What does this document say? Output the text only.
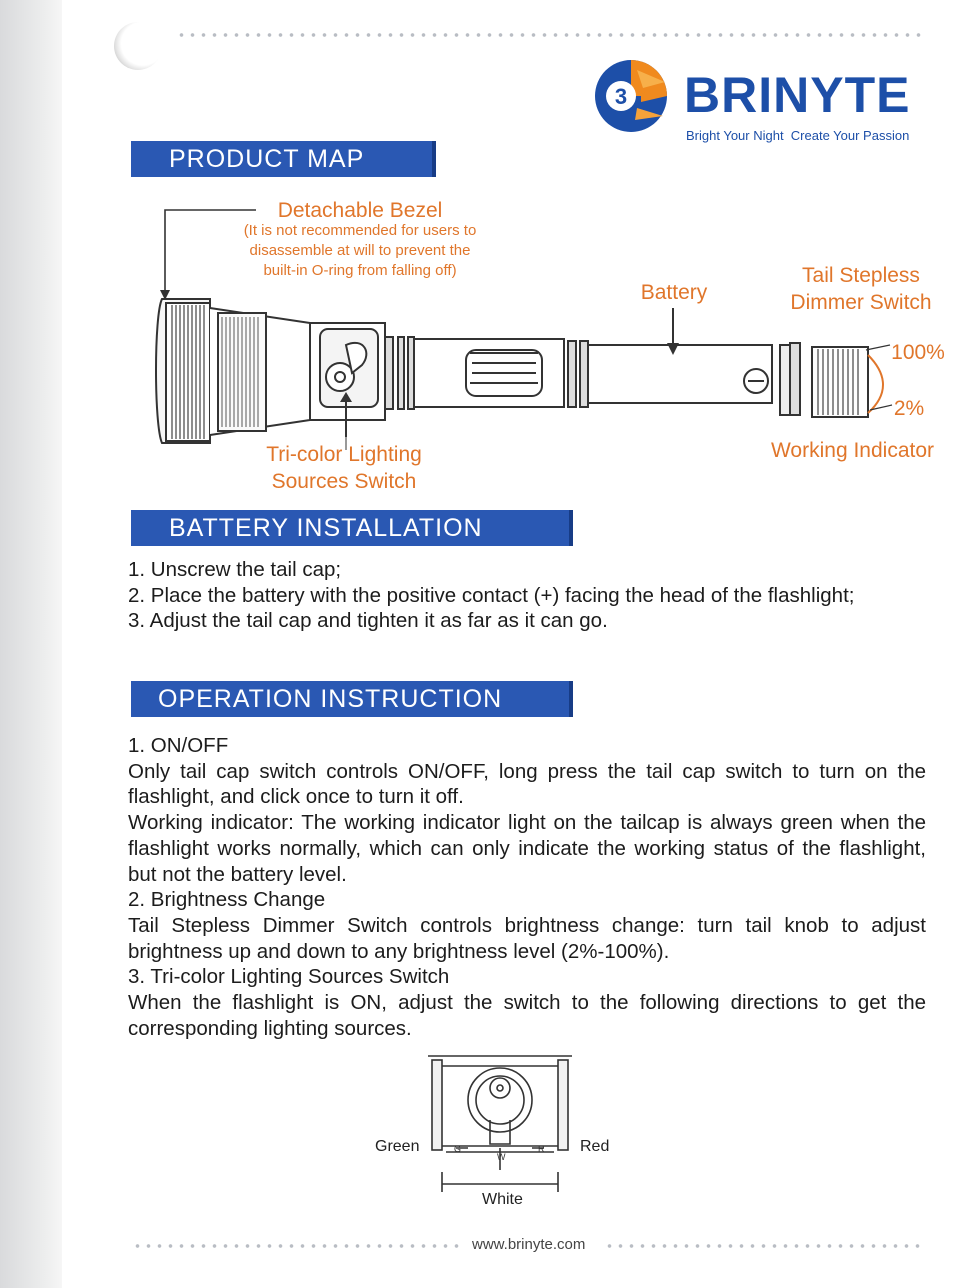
3 BRINYTE
Bright Your Night  Create Your Passion
PRODUCT MAP
Detachable Bezel
(It is not recommended for users to
disassemble at will to prevent the
built-in O-ring from falling off)
Battery
Tail Stepless
Dimmer Switch
100%
2%
Working Indicator
Tri-color Lighting
Sources Switch
BATTERY INSTALLATION

1. Unscrew the tail cap;

2. Place the battery with the positive contact (+) facing the head of the flashlight;

3. Adjust the tail cap and tighten it as far as it can go.

OPERATION INSTRUCTION

1. ON/OFF

Only tail cap switch controls ON/OFF, long press the tail cap switch to turn on the flashlight, and click once to turn it off.

Working indicator: The working indicator light on the tailcap is always green when the flashlight works normally, which can only indicate the working status of the flashlight, but not the battery level.

2. Brightness Change

Tail Stepless Dimmer Switch controls brightness change: turn tail knob to adjust brightness up and down to any brightness level (2%-100%).

3. Tri-color Lighting Sources Switch

When the flashlight is ON, adjust the switch to the following directions to get the corresponding lighting sources.

G	R
W
Green	Red
White
www.brinyte.com
